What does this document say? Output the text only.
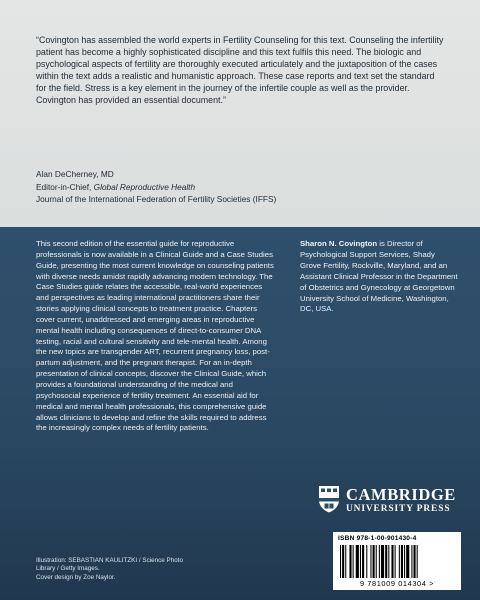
“Covington has assembled the world experts in Fertility Counseling for this text. Counseling the infertility patient has become a highly sophisticated discipline and this text fulfils this need. The biologic and psychological aspects of fertility are thoroughly executed articulately and the juxtaposition of the cases within the text adds a realistic and humanistic approach. These case reports and text set the standard for the field. Stress is a key element in the journey of the infertile couple as well as the provider. Covington has provided an essential document.”

Alan DeCherney, MD
Editor-in-Chief, Global Reproductive Health
Journal of the International Federation of Fertility Societies (IFFS)

This second edition of the essential guide for reproductive professionals is now available in a Clinical Guide and a Case Studies Guide, presenting the most current knowledge on counseling patients with diverse needs amidst rapidly advancing modern technology. The Case Studies guide relates the accessible, real-world experiences and perspectives as leading international practitioners share their stories applying clinical concepts to treatment practice. Chapters cover current, unaddressed and emerging areas in reproductive mental health including consequences of direct-to-consumer DNA testing, racial and cultural sensitivity and tele-mental health. Among the new topics are transgender ART, recurrent pregnancy loss, post-partum adjustment, and the pregnant therapist. For an in-depth presentation of clinical concepts, discover the Clinical Guide, which provides a foundational understanding of the medical and psychosocial experience of fertility treatment. An essential aid for medical and mental health professionals, this comprehensive guide allows clinicians to develop and refine the skills required to address the increasingly complex needs of fertility patients.

Sharon N. Covington is Director of Psychological Support Services, Shady Grove Fertility, Rockville, Maryland, and an Assistant Clinical Professor in the Department of Obstetrics and Gynecology at Georgetown University School of Medicine, Washington, DC, USA.

CAMBRIDGE
UNIVERSITY PRESS
Illustration: SEBASTIAN KAULITZKI / Science Photo
Library / Getty Images.
Cover design by Zoe Naylor.
ISBN 978-1-00-901430-4
9 781009 014304 >
